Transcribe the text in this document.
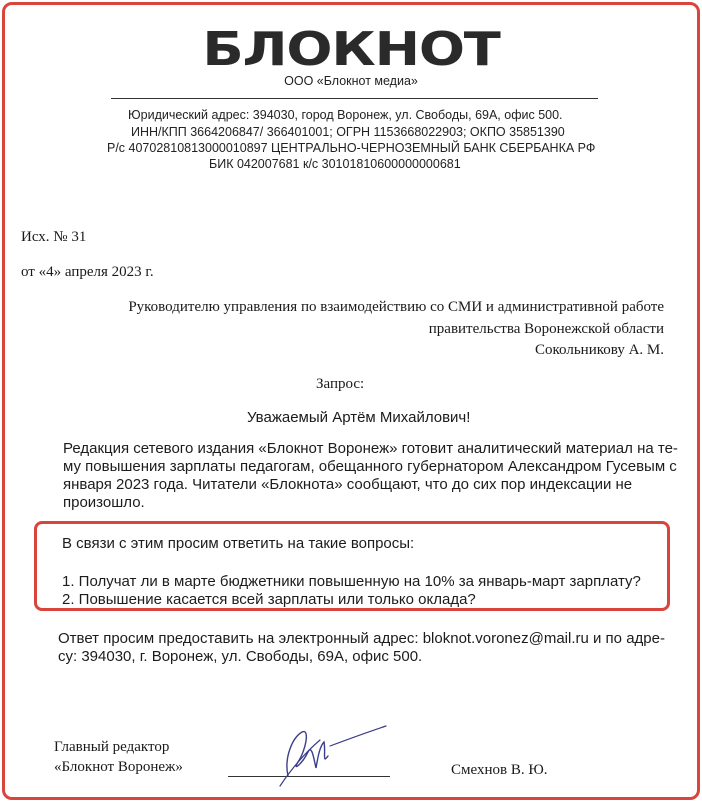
БЛОКНОТ
ООО «Блокнот медиа»
Юридический адрес: 394030, город Воронеж, ул. Свободы, 69А, офис 500.
ИНН/КПП 3664206847/ 366401001; ОГРН 1153668022903; ОКПО 35851390
Р/с 40702810813000010897 ЦЕНТРАЛЬНО-ЧЕРНОЗЕМНЫЙ БАНК СБЕРБАНКА РФ
БИК 042007681 к/с 30101810600000000681
Исх. № 31
от «4» апреля 2023 г.
Руководителю управления по взаимодействию со СМИ и административной работе
правительства Воронежской области
Сокольникову А. М.
Запрос:
Уважаемый Артём Михайлович!
Редакция сетевого издания «Блокнот Воронеж» готовит аналитический материал на те-
му повышения зарплаты педагогам, обещанного губернатором Александром Гусевым с
января 2023 года. Читатели «Блокнота» сообщают, что до сих пор индексации не
произошло.
В связи с этим просим ответить на такие вопросы:
1. Получат ли в марте бюджетники повышенную на 10% за январь-март зарплату?
2. Повышение касается всей зарплаты или только оклада?
Ответ просим предоставить на электронный адрес: bloknot.voronez@mail.ru и по адре-
су: 394030, г. Воронеж, ул. Свободы, 69А, офис 500.
Главный редактор
«Блокнот Воронеж»	Смехнов В. Ю.
